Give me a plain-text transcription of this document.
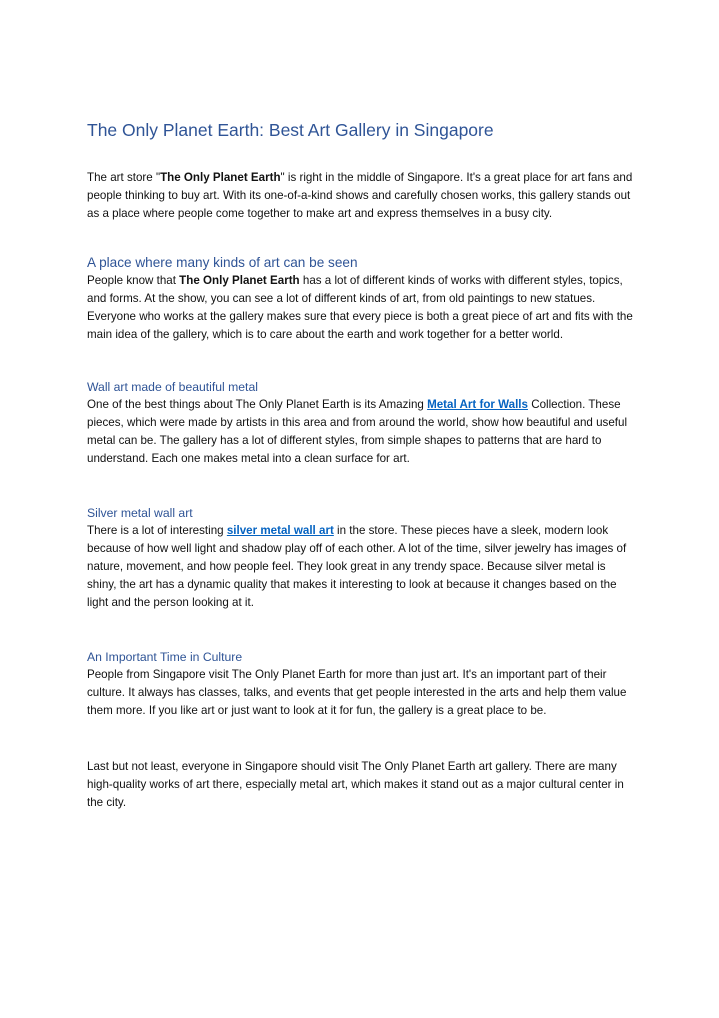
The Only Planet Earth: Best Art Gallery in Singapore

The art store "The Only Planet Earth" is right in the middle of Singapore. It's a great place for art fans and people thinking to buy art. With its one-of-a-kind shows and carefully chosen works, this gallery stands out as a place where people come together to make art and express themselves in a busy city.

A place where many kinds of art can be seen

People know that The Only Planet Earth has a lot of different kinds of works with different styles, topics, and forms. At the show, you can see a lot of different kinds of art, from old paintings to new statues. Everyone who works at the gallery makes sure that every piece is both a great piece of art and fits with the main idea of the gallery, which is to care about the earth and work together for a better world.

Wall art made of beautiful metal

One of the best things about The Only Planet Earth is its Amazing Metal Art for Walls Collection. These pieces, which were made by artists in this area and from around the world, show how beautiful and useful metal can be. The gallery has a lot of different styles, from simple shapes to patterns that are hard to understand. Each one makes metal into a clean surface for art.

Silver metal wall art

There is a lot of interesting silver metal wall art in the store. These pieces have a sleek, modern look because of how well light and shadow play off of each other. A lot of the time, silver jewelry has images of nature, movement, and how people feel. They look great in any trendy space. Because silver metal is shiny, the art has a dynamic quality that makes it interesting to look at because it changes based on the light and the person looking at it.

An Important Time in Culture

People from Singapore visit The Only Planet Earth for more than just art. It's an important part of their culture. It always has classes, talks, and events that get people interested in the arts and help them value them more. If you like art or just want to look at it for fun, the gallery is a great place to be.

Last but not least, everyone in Singapore should visit The Only Planet Earth art gallery. There are many high-quality works of art there, especially metal art, which makes it stand out as a major cultural center in the city.
